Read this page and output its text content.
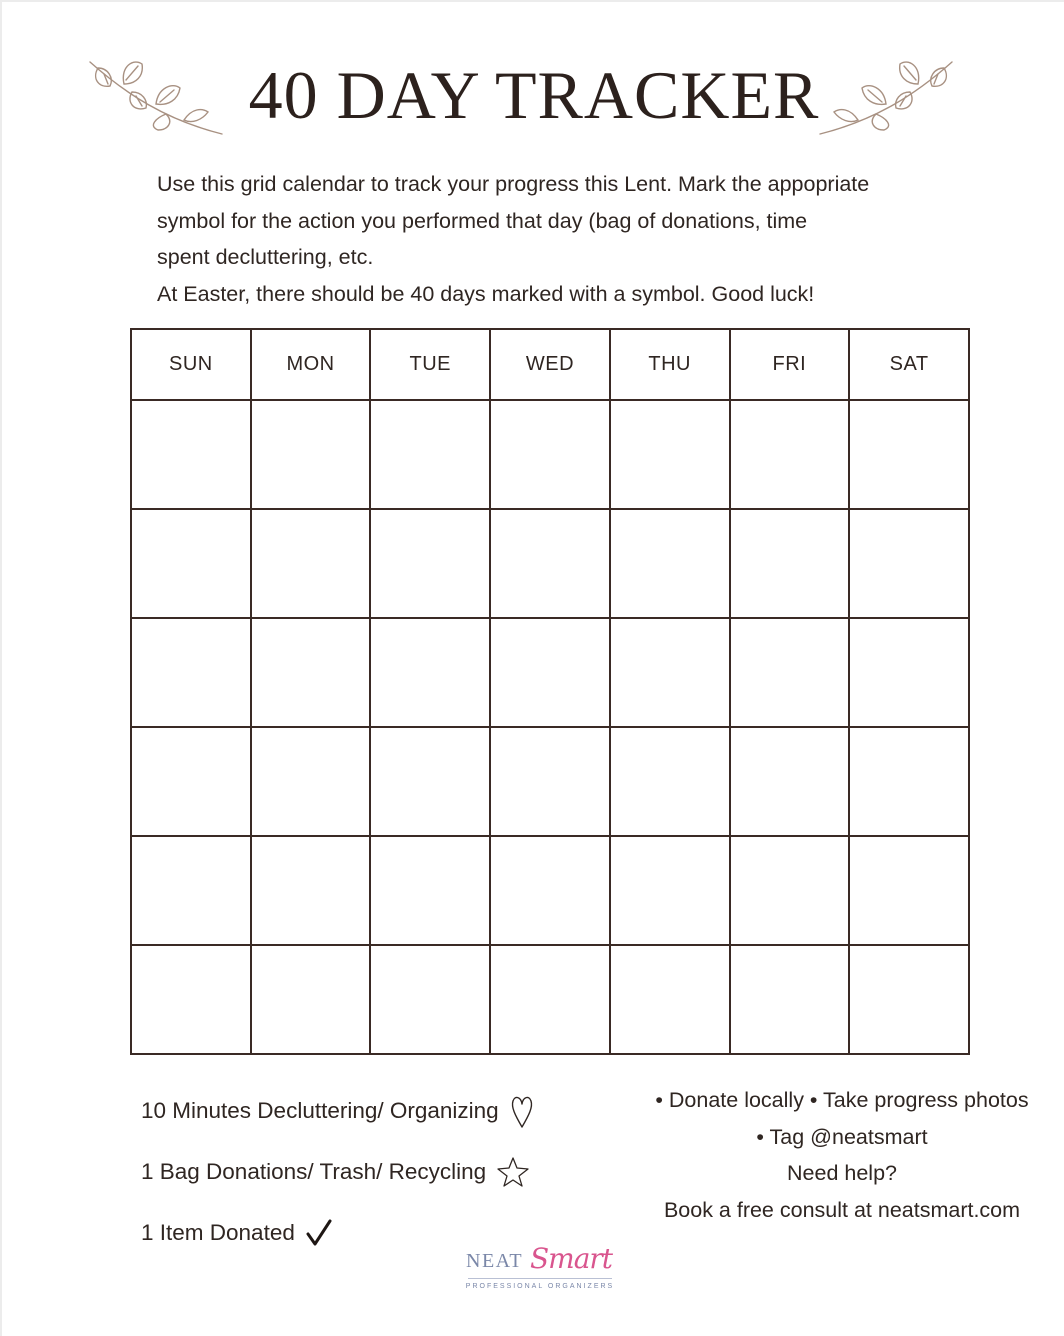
40 DAY TRACKER

Use this grid calendar to track your progress this Lent. Mark the appopriate

symbol for the action you performed that day (bag of donations, time

spent decluttering, etc.

At Easter, there should be 40 days marked with a symbol. Good luck!

SUN	MON	TUE	WED	THU	FRI	SAT

10 Minutes Decluttering/ Organizing
1 Bag Donations/ Trash/ Recycling
1 Item Donated
• Donate locally • Take progress photos
• Tag @neatsmart
Need help?
Book a free consult at neatsmart.com
NEAT Smart
PROFESSIONAL ORGANIZERS
